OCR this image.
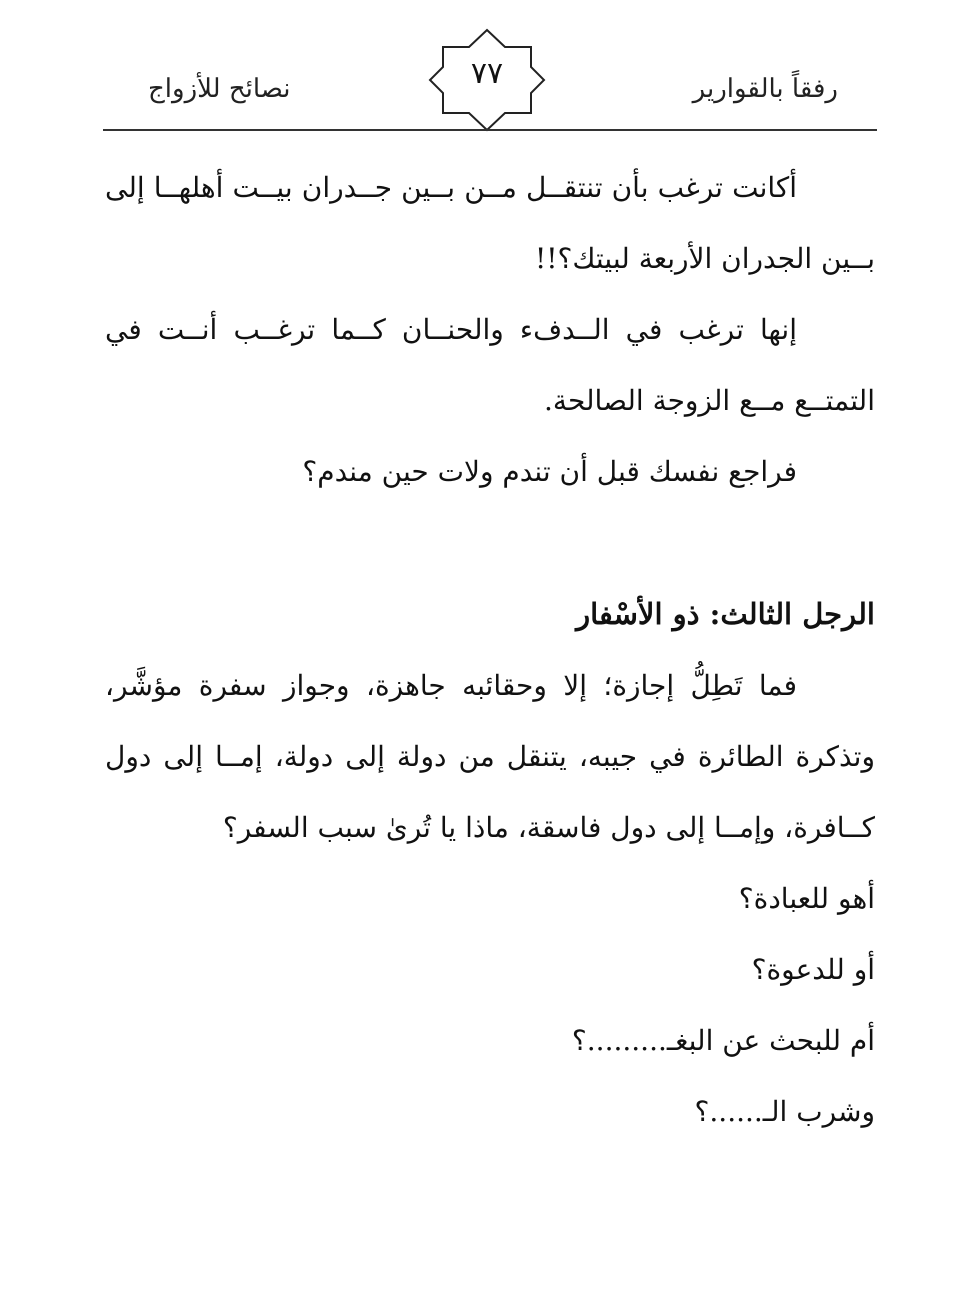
رفقاً بالقوارير
٧٧
نصائح للأزواج

أكانت ترغب بأن تنتقــل مــن بــين جــدران بيــت أهلهــا إلى بــين الجدران الأربعة لبيتك؟!!

إنها ترغب في الــدفء والحنــان كــما ترغــب أنــت في التمتــع مــع الزوجة الصالحة.

فراجع نفسك قبل أن تندم ولات حين مندم؟

الرجل الثالث: ذو الأسْفار

فما تَطِلُّ إجازة؛ إلا وحقائبه جاهزة، وجواز سفرة مؤشَّر، وتذكرة الطائرة في جيبه، يتنقل من دولة إلى دولة، إمــا إلى دول كــافرة، وإمــا إلى دول فاسقة، ماذا يا تُرىٰ سبب السفر؟

أهو للعبادة؟

أو للدعوة؟

أم للبحث عن البغـ.........؟

وشرب الـ......؟
